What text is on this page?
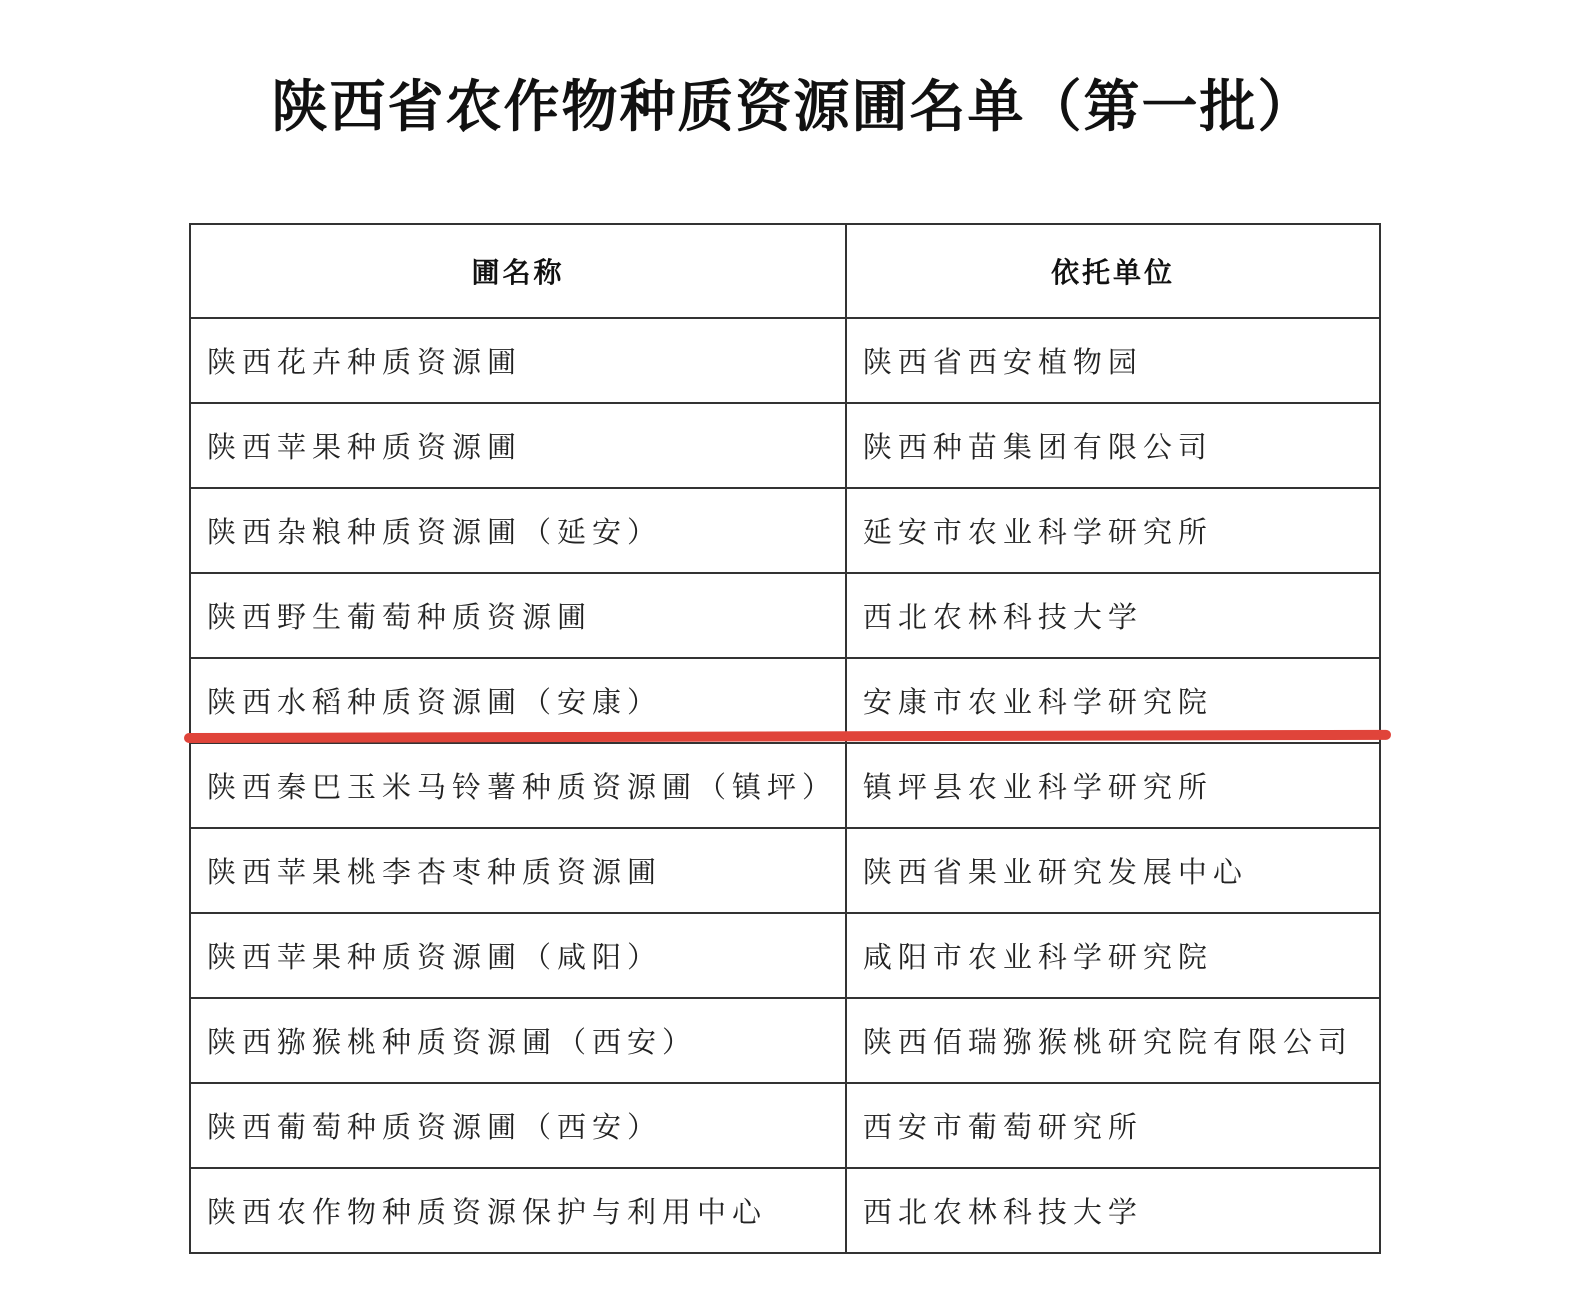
陕西省农作物种质资源圃名单（第一批）
圃名称	依托单位
陕西花卉种质资源圃	陕西省西安植物园
陕西苹果种质资源圃	陕西种苗集团有限公司
陕西杂粮种质资源圃（延安）	延安市农业科学研究所
陕西野生葡萄种质资源圃	西北农林科技大学
陕西水稻种质资源圃（安康）	安康市农业科学研究院
陕西秦巴玉米马铃薯种质资源圃（镇坪） 镇坪县农业科学研究所
陕西苹果桃李杏枣种质资源圃	陕西省果业研究发展中心
陕西苹果种质资源圃（咸阳）	咸阳市农业科学研究院
陕西猕猴桃种质资源圃（西安）	陕西佰瑞猕猴桃研究院有限公司
陕西葡萄种质资源圃（西安）	西安市葡萄研究所
陕西农作物种质资源保护与利用中心	西北农林科技大学
